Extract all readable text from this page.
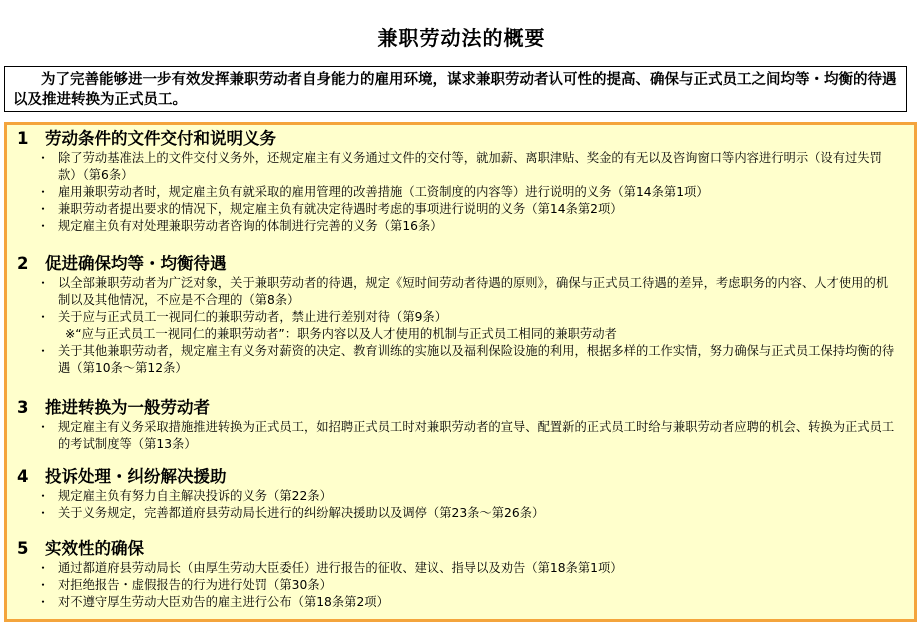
兼职劳动法的概要
为了完善能够进一步有效发挥兼职劳动者自身能力的雇用环境，谋求兼职劳动者认可性的提高、确保与正式员工之间均等・均衡的待遇以及推进转换为正式员工。
1 劳动条件的文件交付和说明义务
・ 除了劳动基准法上的文件交付义务外，还规定雇主有义务通过文件的交付等，就加薪、离职津贴、奖金的有无以及咨询窗口等内容进行明示（设有过失罚款）（第6条）
・ 雇用兼职劳动者时，规定雇主负有就采取的雇用管理的改善措施（工资制度的内容等）进行说明的义务（第14条第1项）
・ 兼职劳动者提出要求的情况下，规定雇主负有就决定待遇时考虑的事项进行说明的义务（第14条第2项）
・ 规定雇主负有对处理兼职劳动者咨询的体制进行完善的义务（第16条）
2 促进确保均等・均衡待遇
・ 以全部兼职劳动者为广泛对象，关于兼职劳动者的待遇，规定《短时间劳动者待遇的原则》，确保与正式员工待遇的差异，考虑职务的内容、人才使用的机制以及其他情况，不应是不合理的（第8条）
・ 关于应与正式员工一视同仁的兼职劳动者，禁止进行差别对待（第9条）
※“应与正式员工一视同仁的兼职劳动者”：职务内容以及人才使用的机制与正式员工相同的兼职劳动者
・ 关于其他兼职劳动者，规定雇主有义务对薪资的决定、教育训练的实施以及福利保险设施的利用，根据多样的工作实情，努力确保与正式员工保持均衡的待遇（第10条～第12条）
3 推进转换为一般劳动者
・ 规定雇主有义务采取措施推进转换为正式员工，如招聘正式员工时对兼职劳动者的宣导、配置新的正式员工时给与兼职劳动者应聘的机会、转换为正式员工的考试制度等（第13条）
4 投诉处理・纠纷解决援助
・ 规定雇主负有努力自主解决投诉的义务（第22条）
・ 关于义务规定，完善都道府县劳动局长进行的纠纷解决援助以及调停（第23条～第26条）
5 实效性的确保
・ 通过都道府县劳动局长（由厚生劳动大臣委任）进行报告的征收、建议、指导以及劝告（第18条第1项）
・ 对拒绝报告・虚假报告的行为进行处罚（第30条）
・ 对不遵守厚生劳动大臣劝告的雇主进行公布（第18条第2项）
